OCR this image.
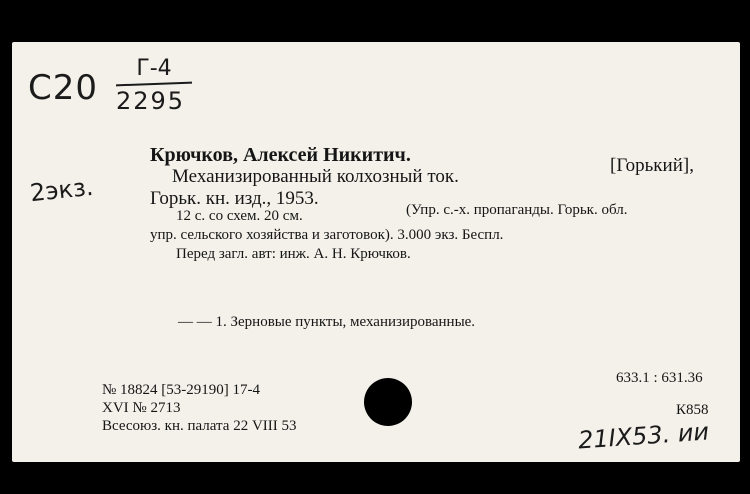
C20	Г-4
2295
2экз.
Крючков, Алексей Никитич.
Механизированный колхозный ток.
[Горький],
Горьк. кн. изд., 1953.
12 с. со схем. 20 см.	(Упр. с.-х. пропаганды. Горьк. обл.
упр. сельского хозяйства и заготовок). 3.000 экз. Беспл.
Перед загл. авт: инж. А. Н. Крючков.
— — 1. Зерновые пункты, механизированные.
№ 18824 [53-29190] 17-4
XVI № 2713
Всесоюз. кн. палата 22 VIII 53
633.1 : 631.36
К858
21IX53. ии
